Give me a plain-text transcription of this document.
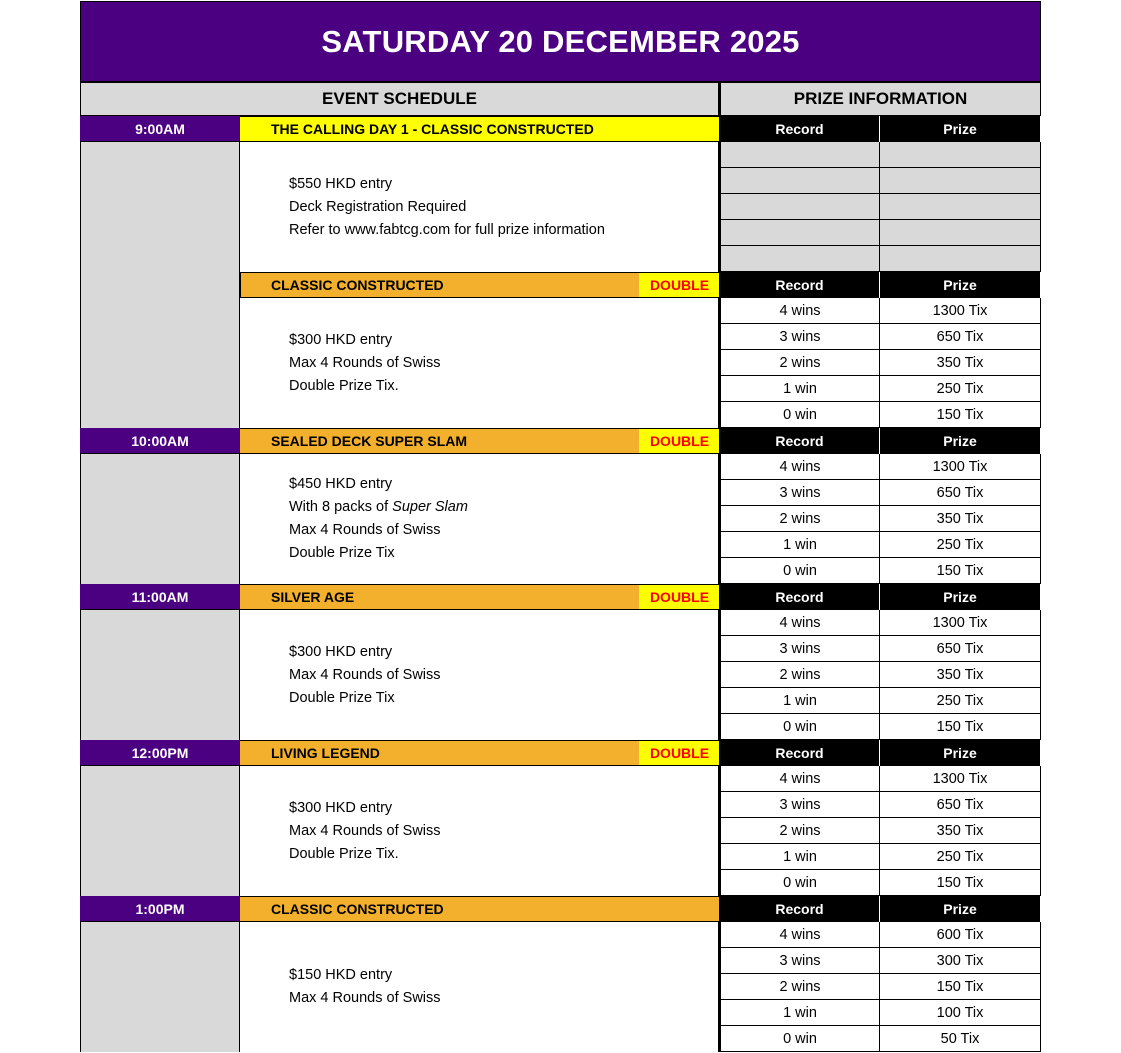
SATURDAY 20 DECEMBER 2025
EVENT SCHEDULE	PRIZE INFORMATION
9:00AM	THE CALLING DAY 1 - CLASSIC CONSTRUCTED
$550 HKD entry
Deck Registration Required
Refer to www.fabtcg.com for full prize information
Record	Prize
CLASSIC CONSTRUCTED	DOUBLE
$300 HKD entry
Max 4 Rounds of Swiss
Double Prize Tix.
Record	Prize
4 wins	1300 Tix
3 wins	650 Tix
2 wins	350 Tix
1 win	250 Tix
0 win	150 Tix
10:00AM	SEALED DECK SUPER SLAM	DOUBLE
$450 HKD entry
With 8 packs of Super Slam
Max 4 Rounds of Swiss
Double Prize Tix
Record	Prize
4 wins	1300 Tix
3 wins	650 Tix
2 wins	350 Tix
1 win	250 Tix
0 win	150 Tix
11:00AM	SILVER AGE	DOUBLE
$300 HKD entry
Max 4 Rounds of Swiss
Double Prize Tix
Record	Prize
4 wins	1300 Tix
3 wins	650 Tix
2 wins	350 Tix
1 win	250 Tix
0 win	150 Tix
12:00PM	LIVING LEGEND	DOUBLE
$300 HKD entry
Max 4 Rounds of Swiss
Double Prize Tix.
Record	Prize
4 wins	1300 Tix
3 wins	650 Tix
2 wins	350 Tix
1 win	250 Tix
0 win	150 Tix
1:00PM	CLASSIC CONSTRUCTED
$150 HKD entry
Max 4 Rounds of Swiss
Record	Prize
4 wins	600 Tix
3 wins	300 Tix
2 wins	150 Tix
1 win	100 Tix
0 win	50 Tix
